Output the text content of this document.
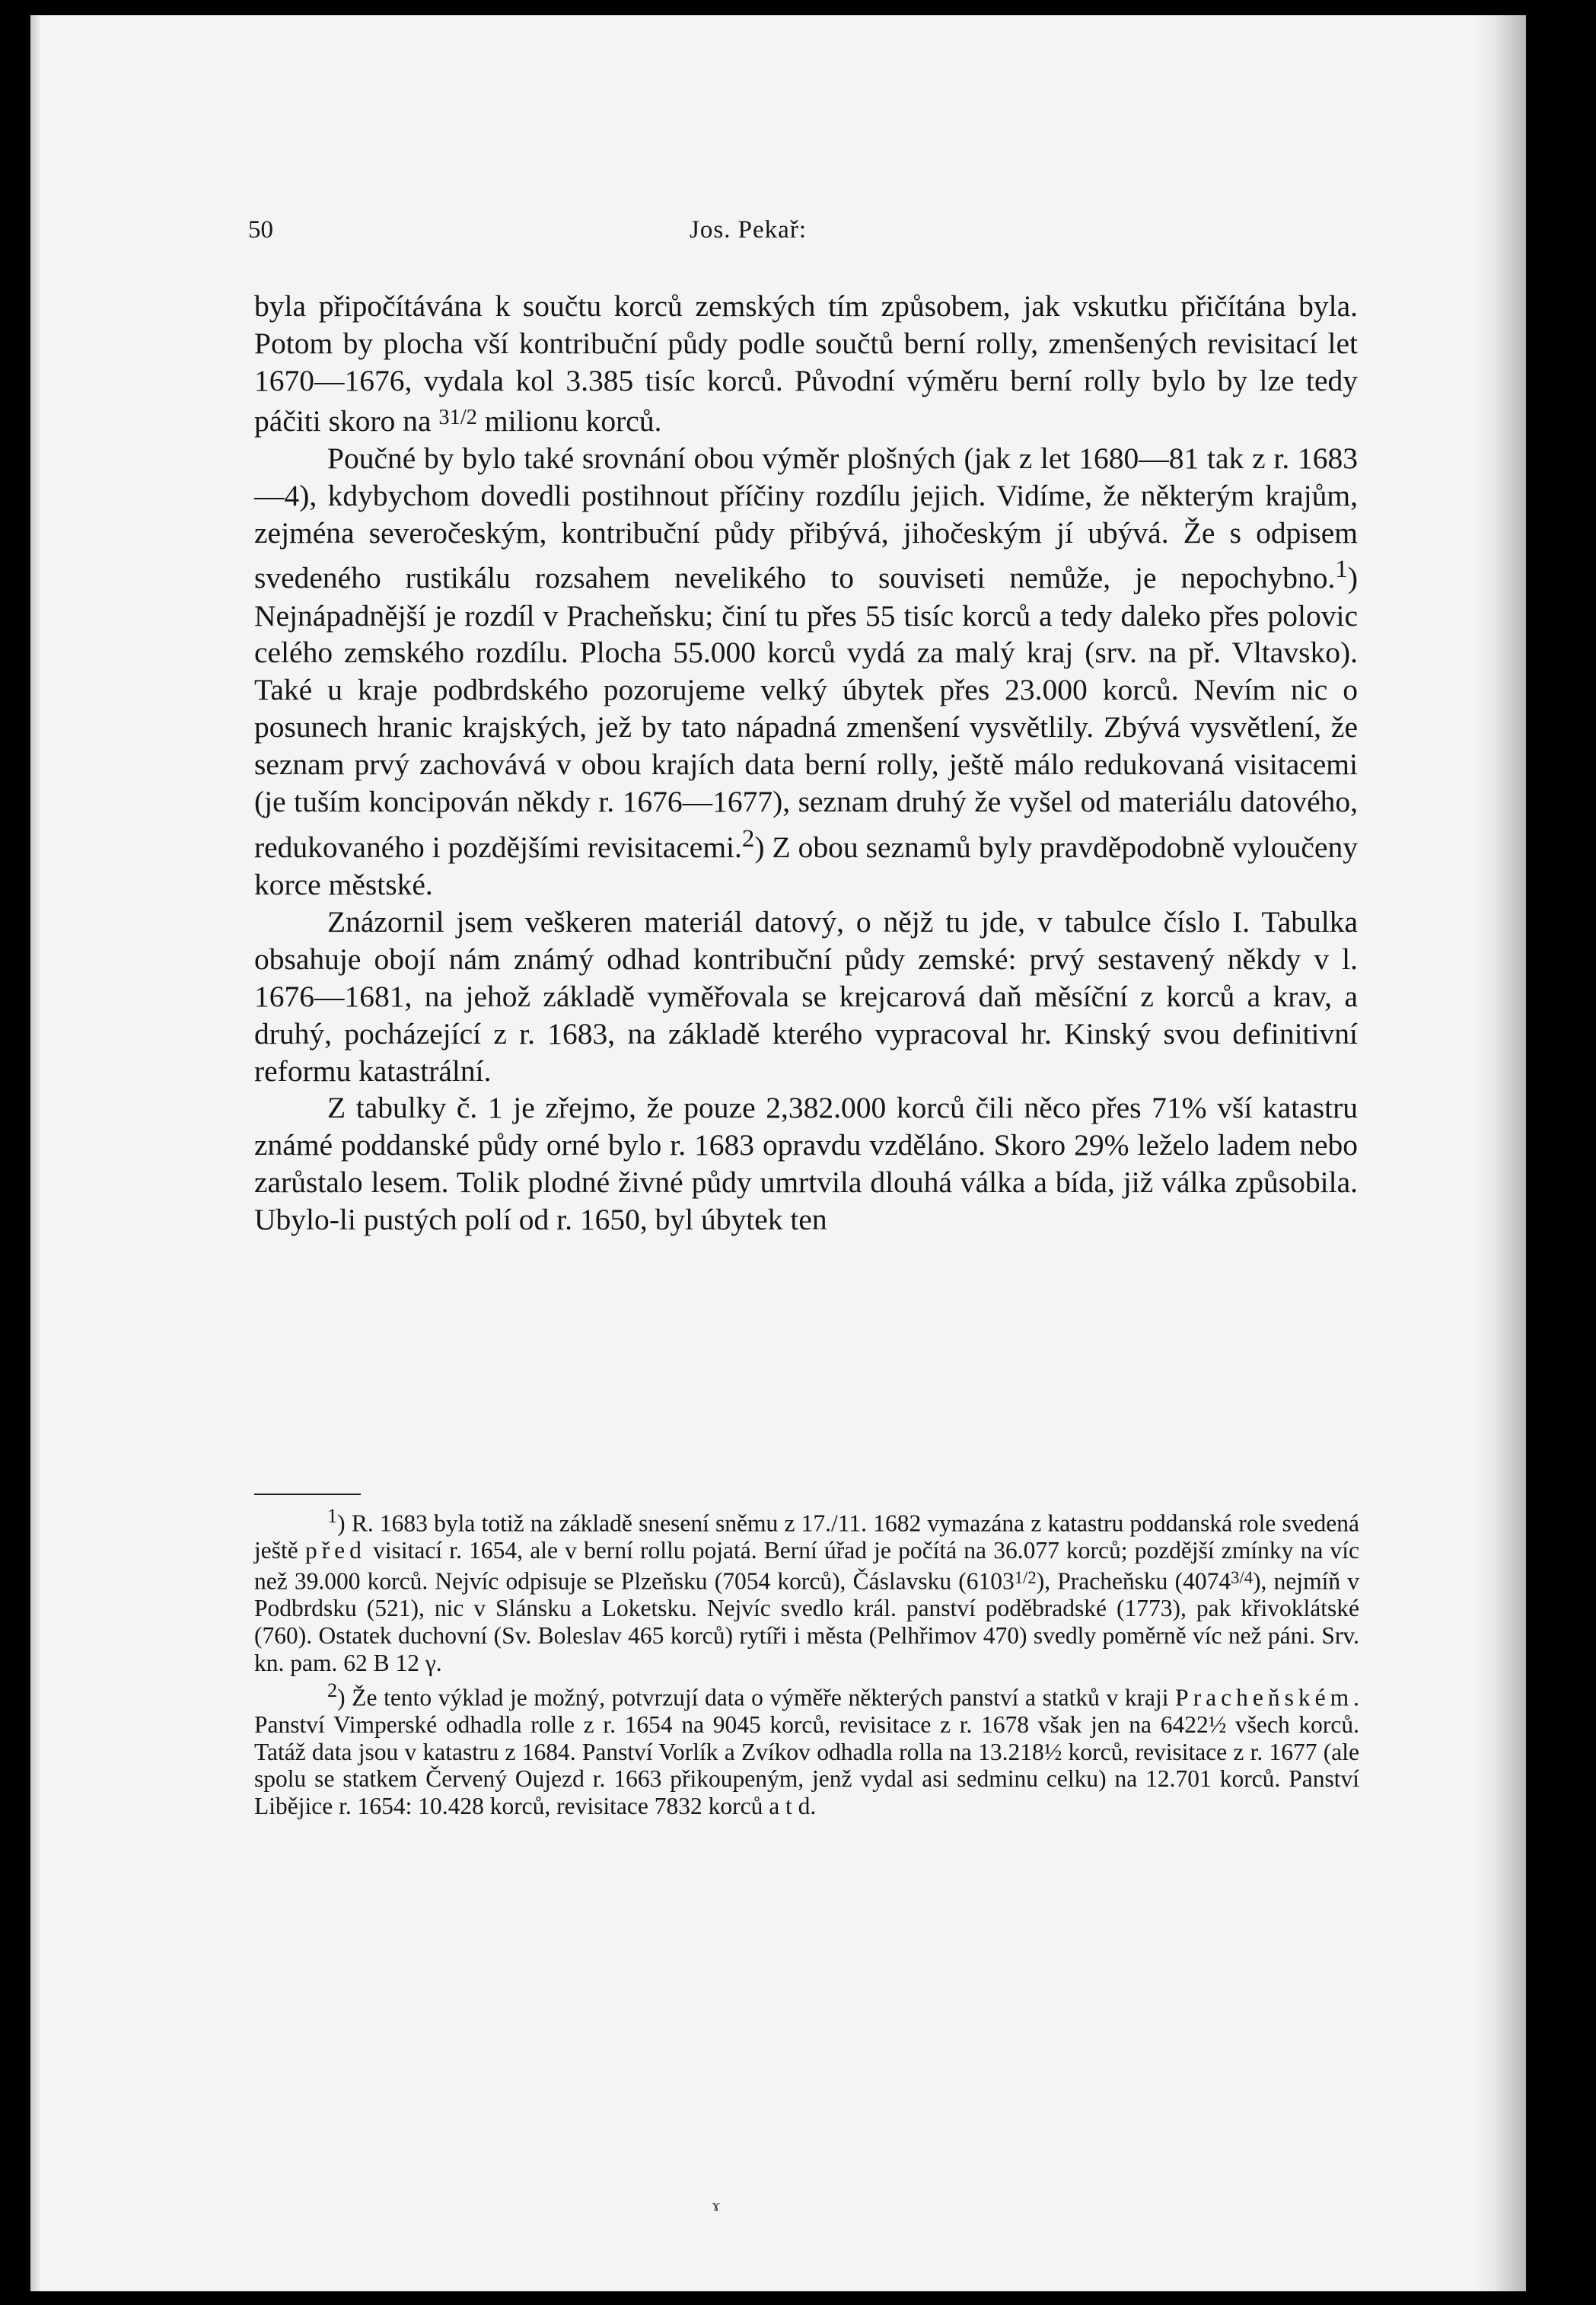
50	Jos. Pekař:

byla připočítávána k součtu korců zemských tím způsobem, jak vskutku přičítána byla. Potom by plocha vší kontribuční půdy podle součtů berní rolly, zmenšených revisitací let 1670—1676, vydala kol 3.385 tisíc korců. Původní výměru berní rolly bylo by lze tedy páčiti skoro na $^{31/2}$ milionu korců.

Poučné by bylo také srovnání obou výměr plošných (jak z let 1680—81 tak z r. 1683—4), kdybychom dovedli postihnout příčiny rozdílu jejich. Vidíme, že některým krajům, zejména severočeským, kontribuční půdy přibývá, jihočeským jí ubývá. Že s odpisem svedeného rustikálu rozsahem nevelikého to souviseti nemůže, je nepochybno.$^1$) Nejnápadnější je rozdíl v Pracheňsku; činí tu přes 55 tisíc korců a tedy daleko přes polovic celého zemského rozdílu. Plocha 55.000 korců vydá za malý kraj (srv. na př. Vltavsko). Také u kraje podbrdského pozorujeme velký úbytek přes 23.000 korců. Nevím nic o posunech hranic krajských, jež by tato nápadná zmenšení vysvětlily. Zbývá vysvětlení, že seznam prvý zachovává v obou krajích data berní rolly, ještě málo redukovaná visitacemi (je tuším koncipován někdy r. 1676—1677), seznam druhý že vyšel od materiálu datového, redukovaného i pozdějšími revisitacemi.$^2$) Z obou seznamů byly pravděpodobně vyloučeny korce městské.

Znázornil jsem veškeren materiál datový, o nějž tu jde, v tabulce číslo I. Tabulka obsahuje obojí nám známý odhad kontribuční půdy zemské: prvý sestavený někdy v l. 1676—1681, na jehož základě vyměřovala se krejcarová daň měsíční z korců a krav, a druhý, pocházející z r. 1683, na základě kterého vypracoval hr. Kinský svou definitivní reformu katastrální.

Z tabulky č. 1 je zřejmo, že pouze 2,382.000 korců čili něco přes 71% vší katastru známé poddanské půdy orné bylo r. 1683 opravdu vzděláno. Skoro 29% leželo ladem nebo zarůstalo lesem. Tolik plodné živné půdy umrtvila dlouhá válka a bída, již válka způsobila. Ubylo-li pustých polí od r. 1650, byl úbytek ten

$^1$) R. 1683 byla totiž na základě snesení sněmu z 17./11. 1682 vymazána z katastru poddanská role svedená ještě před visitací r. 1654, ale v berní rollu pojatá. Berní úřad je počítá na 36.077 korců; pozdější zmínky na víc než 39.000 korců. Nejvíc odpisuje se Plzeňsku (7054 korců), Čáslavsku $(6103^{1/2})$, Pracheňsku $(4074^{3/4})$, nejmíň v Podbrdsku (521), nic v Slánsku a Loketsku. Nejvíc svedlo král. panství poděbradské (1773), pak křivoklátské (760). Ostatek duchovní (Sv. Boleslav 465 korců) rytíři i města (Pelhřimov 470) svedly poměrně víc než páni. Srv. kn. pam. 62 B 12 γ.

$^2$) Že tento výklad je možný, potvrzují data o výměře některých panství a statků v kraji Pracheňském. Panství Vimperské odhadla rolle z r. 1654 na 9045 korců, revisitace z r. 1678 však jen na 6422½ všech korců. Tatáž data jsou v katastru z 1684. Panství Vorlík a Zvíkov odhadla rolla na 13.218½ korců, revisitace z r. 1677 (ale spolu se statkem Červený Oujezd r. 1663 přikoupeným, jenž vydal asi sedminu celku) na 12.701 korců. Panství Libějice r. 1654: 10.428 korců, revisitace 7832 korců a t d.

ɤ
